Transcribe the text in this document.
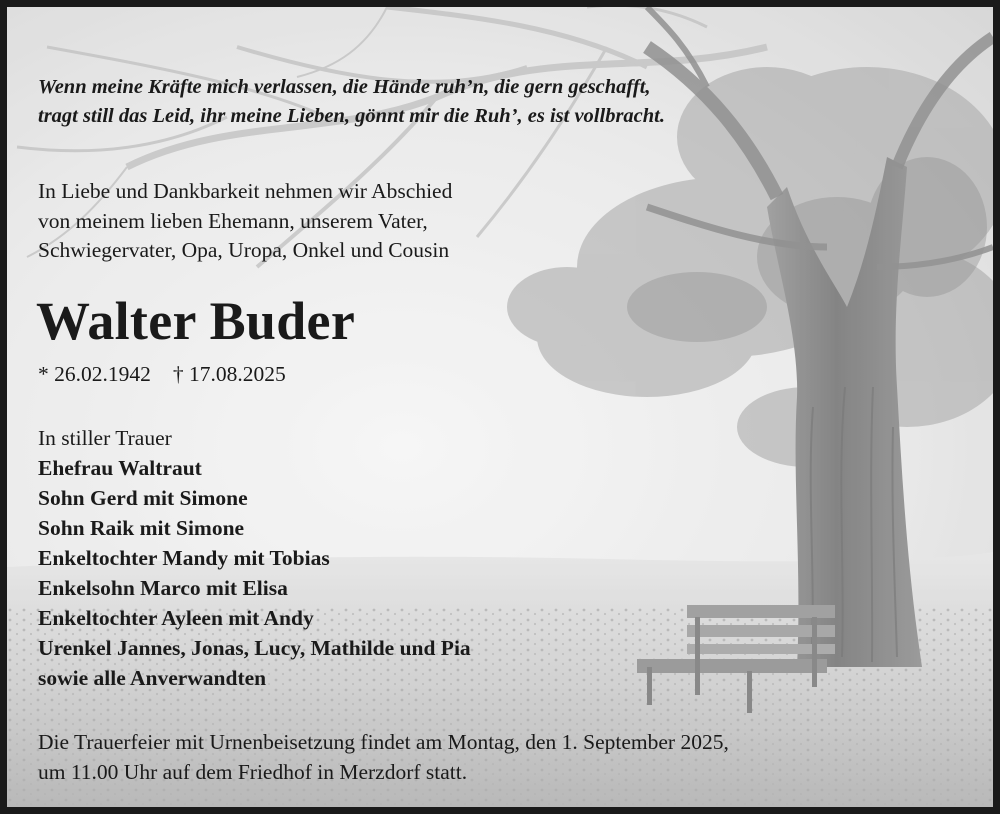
Wenn meine Kräfte mich verlassen, die Hände ruh’n, die gern geschafft,
tragt still das Leid, ihr meine Lieben, gönnt mir die Ruh’, es ist vollbracht.

In Liebe und Dankbarkeit nehmen wir Abschied
von meinem lieben Ehemann, unserem Vater,
Schwiegervater, Opa, Uropa, Onkel und Cousin

Walter Buder
* 26.02.1942 † 17.08.2025
In stiller Trauer
Ehefrau Waltraut
Sohn Gerd mit Simone
Sohn Raik mit Simone
Enkeltochter Mandy mit Tobias
Enkelsohn Marco mit Elisa
Enkeltochter Ayleen mit Andy
Urenkel Jannes, Jonas, Lucy, Mathilde und Pia
sowie alle Anverwandten

Die Trauerfeier mit Urnenbeisetzung findet am Montag, den 1. September 2025,
um 11.00 Uhr auf dem Friedhof in Merzdorf statt.
